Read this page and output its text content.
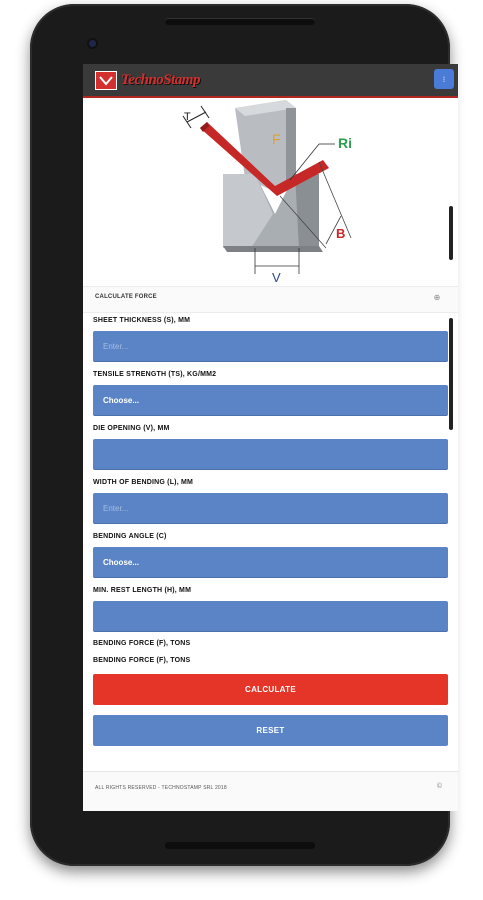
TechnoStamp	⁝
T
F	Ri
B
V
CALCULATE FORCE	⊕
SHEET THICKNESS (S), MM
Enter...
TENSILE STRENGTH (TS), KG/MM2
Choose...
DIE OPENING (V), MM
WIDTH OF BENDING (L), MM
Enter...
BENDING ANGLE (C)
Choose...
MIN. REST LENGTH (H), MM
BENDING FORCE (F), TONS
BENDING FORCE (F), TONS
CALCULATE
RESET
ALL RIGHTS RESERVED - TECHNOSTAMP SRL 2018	©
